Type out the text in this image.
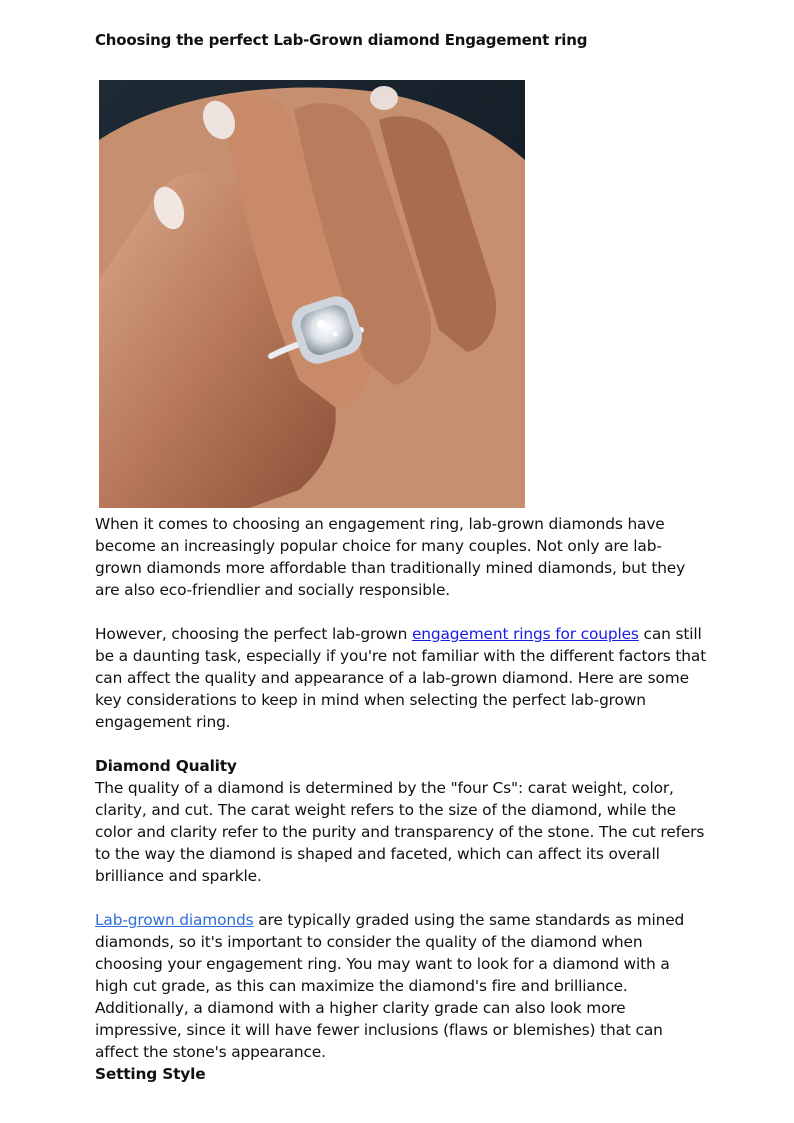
Choosing the perfect Lab-Grown diamond Engagement ring

When it comes to choosing an engagement ring, lab-grown diamonds have become an increasingly popular choice for many couples. Not only are lab-grown diamonds more affordable than traditionally mined diamonds, but they are also eco-friendlier and socially responsible.

However, choosing the perfect lab-grown engagement rings for couples can still be a daunting task, especially if you're not familiar with the different factors that can affect the quality and appearance of a lab-grown diamond. Here are some key considerations to keep in mind when selecting the perfect lab-grown engagement ring.

Diamond Quality

The quality of a diamond is determined by the "four Cs": carat weight, color, clarity, and cut. The carat weight refers to the size of the diamond, while the color and clarity refer to the purity and transparency of the stone. The cut refers to the way the diamond is shaped and faceted, which can affect its overall brilliance and sparkle.

Lab-grown diamonds are typically graded using the same standards as mined diamonds, so it's important to consider the quality of the diamond when choosing your engagement ring. You may want to look for a diamond with a high cut grade, as this can maximize the diamond's fire and brilliance. Additionally, a diamond with a higher clarity grade can also look more impressive, since it will have fewer inclusions (flaws or blemishes) that can affect the stone's appearance.

Setting Style
